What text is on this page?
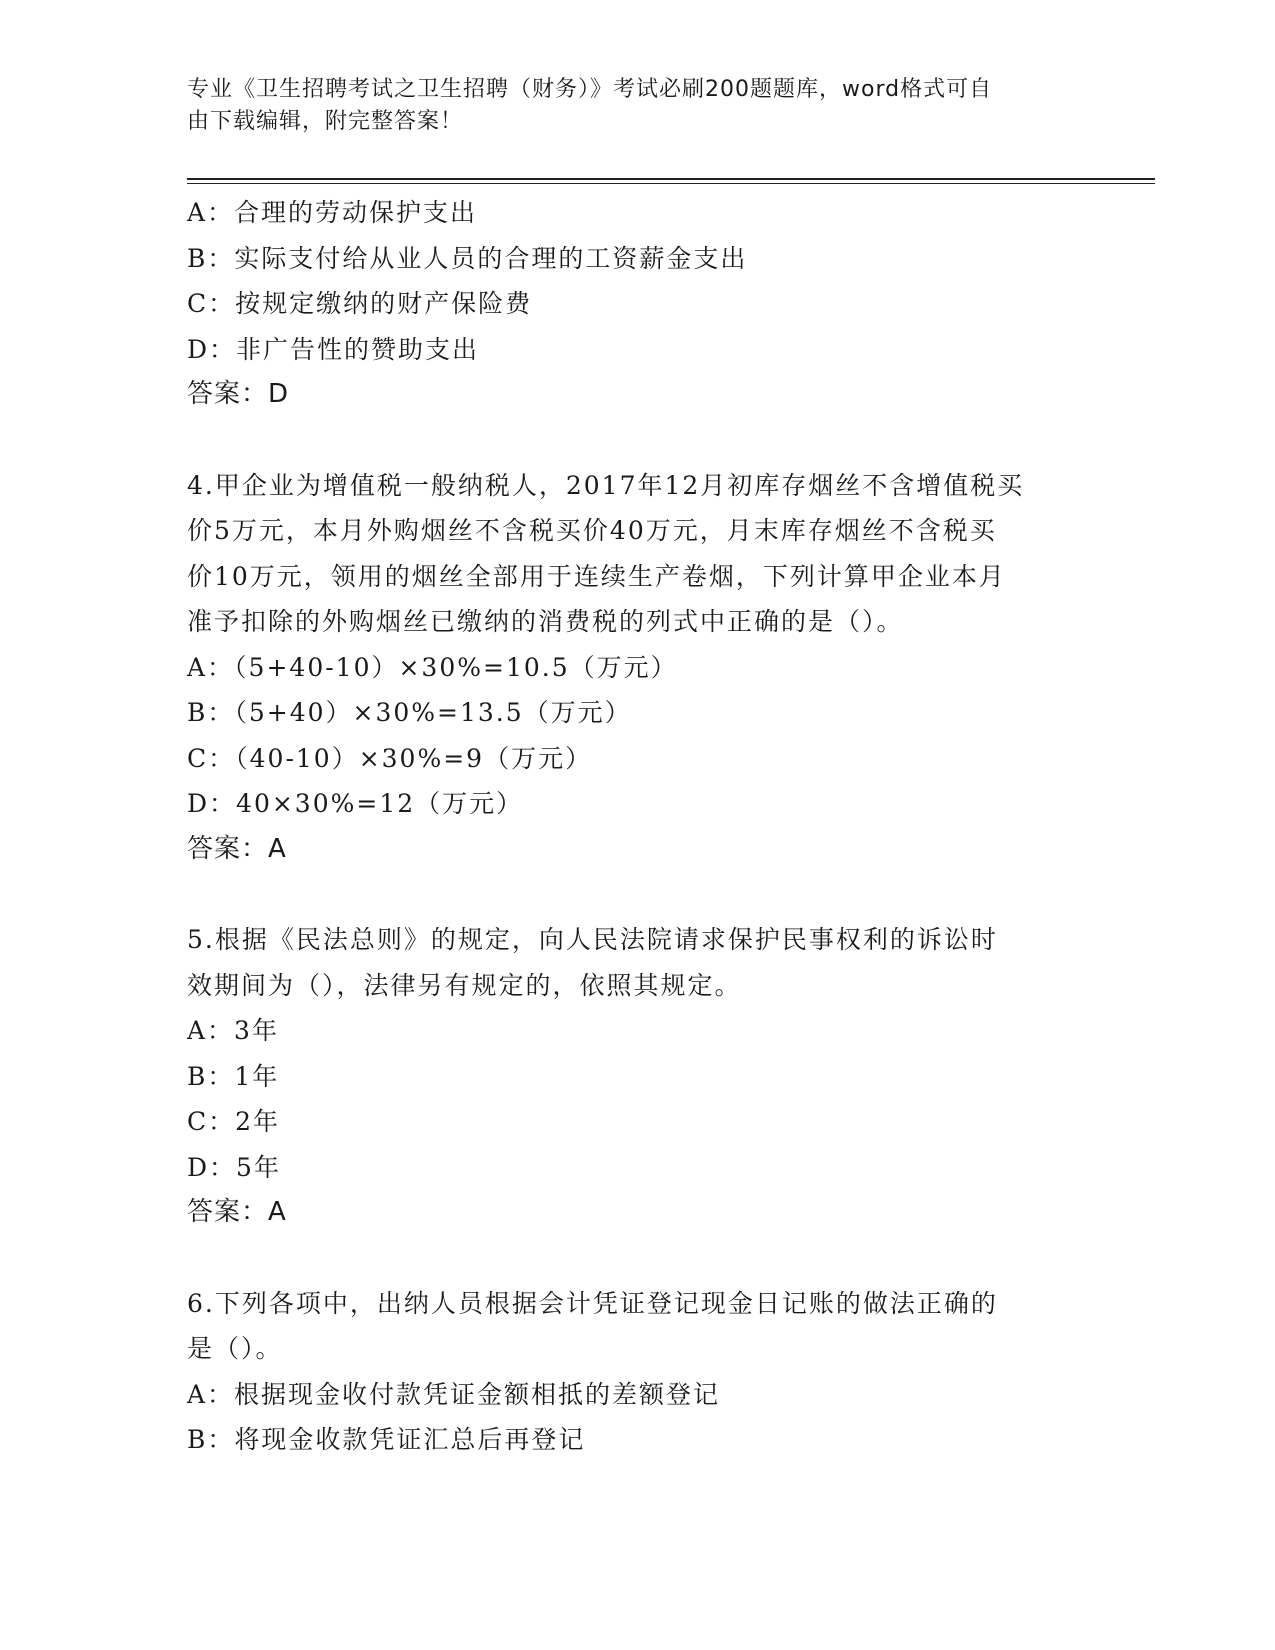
专业《卫生招聘考试之卫生招聘（财务）》考试必刷200题题库，word格式可自
由下载编辑，附完整答案！
A：合理的劳动保护支出
B：实际支付给从业人员的合理的工资薪金支出
C：按规定缴纳的财产保险费
D：非广告性的赞助支出
答案：D
4.甲企业为增值税一般纳税人，2017年12月初库存烟丝不含增值税买
价5万元，本月外购烟丝不含税买价40万元，月末库存烟丝不含税买
价10万元，领用的烟丝全部用于连续生产卷烟，下列计算甲企业本月
准予扣除的外购烟丝已缴纳的消费税的列式中正确的是（）。
A：（5+40-10）×30%=10.5（万元）
B：（5+40）×30%=13.5（万元）
C：（40-10）×30%=9（万元）
D：40×30%=12（万元）
答案：A
5.根据《民法总则》的规定，向人民法院请求保护民事权利的诉讼时
效期间为（），法律另有规定的，依照其规定。
A：3年
B：1年
C：2年
D：5年
答案：A
6.下列各项中，出纳人员根据会计凭证登记现金日记账的做法正确的
是（）。
A：根据现金收付款凭证金额相抵的差额登记
B：将现金收款凭证汇总后再登记
